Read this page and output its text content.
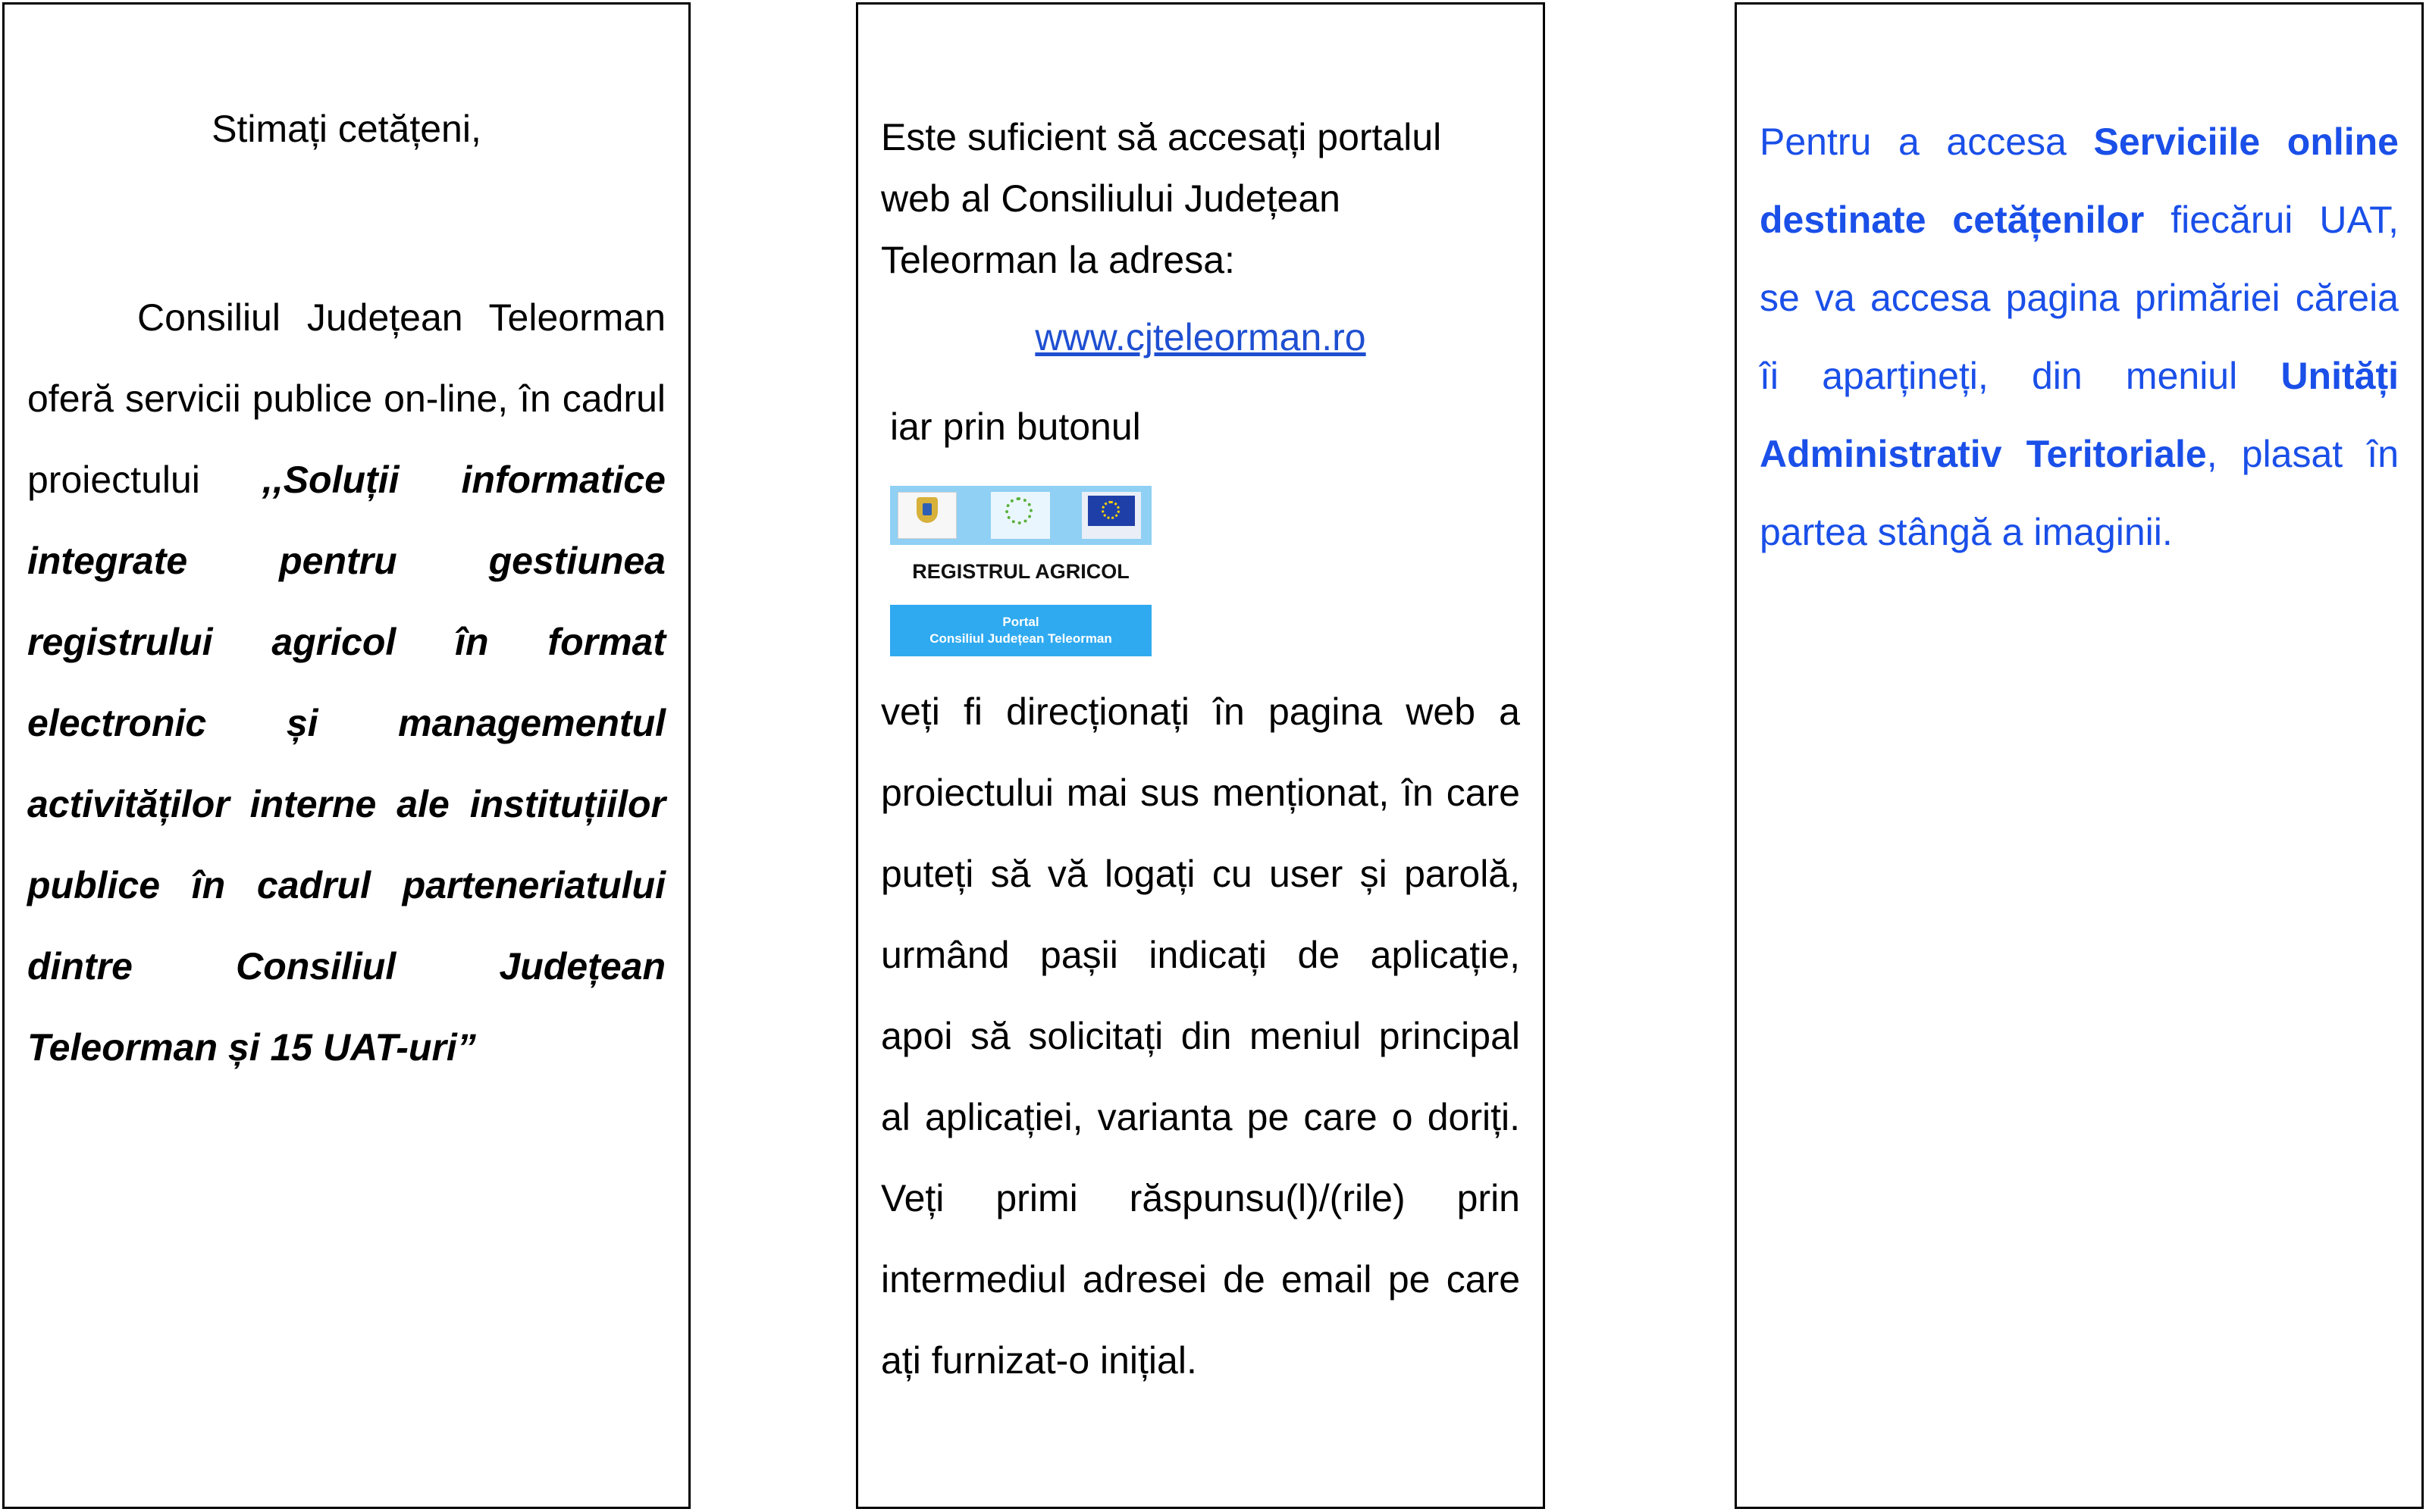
Stimați cetățeni,
Consiliul Județean Teleorman oferă servicii publice on-line, în cadrul proiectului ,,Soluții informatice integrate pentru gestiunea registrului agricol în format electronic și managementul activităților interne ale instituțiilor publice în cadrul parteneriatului dintre Consiliul Județean Teleorman și 15 UAT-uri”
Este suficient să accesați portalul web al Consiliului Județean Teleorman la adresa:
www.cjteleorman.ro
iar prin butonul
REGISTRUL AGRICOL
Portal
Consiliul Județean Teleorman
veți fi direcționați în pagina web a proiectului mai sus menționat, în care puteți să vă logați cu user și parolă, urmând pașii indicați de aplicație, apoi să solicitați din meniul principal al aplicației, varianta pe care o doriți. Veți primi răspunsu(l)/(rile) prin intermediul adresei de email pe care ați furnizat-o inițial.
Pentru a accesa Serviciile online destinate cetățenilor fiecărui UAT, se va accesa pagina primăriei căreia îi aparțineți, din meniul Unități Administrativ Teritoriale, plasat în partea stângă a imaginii.
